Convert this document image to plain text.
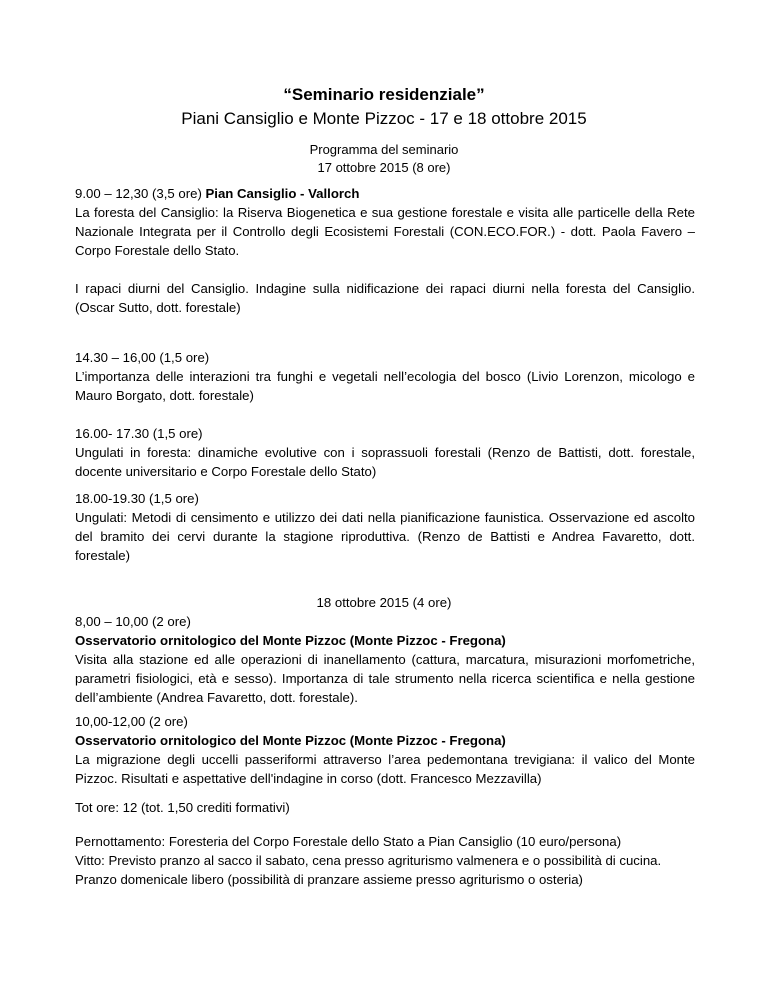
“Seminario residenziale”
Piani Cansiglio e Monte Pizzoc - 17 e 18 ottobre 2015
Programma del seminario
17 ottobre 2015 (8 ore)
9.00 – 12,30 (3,5 ore) Pian Cansiglio - Vallorch
La foresta del Cansiglio: la Riserva Biogenetica e sua gestione forestale e visita alle particelle della Rete Nazionale Integrata per il Controllo degli Ecosistemi Forestali (CON.ECO.FOR.) - dott. Paola Favero – Corpo Forestale dello Stato.
I rapaci diurni del Cansiglio. Indagine sulla nidificazione dei rapaci diurni nella foresta del Cansiglio. (Oscar Sutto, dott. forestale)
14.30 – 16,00 (1,5 ore)
L’importanza delle interazioni tra funghi e vegetali nell’ecologia del bosco (Livio Lorenzon, micologo e Mauro Borgato, dott. forestale)
16.00- 17.30 (1,5 ore)
Ungulati in foresta: dinamiche evolutive con i soprassuoli forestali (Renzo de Battisti, dott. forestale, docente universitario e Corpo Forestale dello Stato)
18.00-19.30 (1,5 ore)
Ungulati: Metodi di censimento e utilizzo dei dati nella pianificazione faunistica. Osservazione ed ascolto del bramito dei cervi durante la stagione riproduttiva. (Renzo de Battisti e Andrea Favaretto, dott. forestale)
18 ottobre 2015 (4 ore)
8,00 – 10,00 (2 ore)
Osservatorio ornitologico del Monte Pizzoc (Monte Pizzoc - Fregona)
Visita alla stazione ed alle operazioni di inanellamento (cattura, marcatura, misurazioni morfometriche, parametri fisiologici, età e sesso). Importanza di tale strumento nella ricerca scientifica e nella gestione dell’ambiente (Andrea Favaretto, dott. forestale).
10,00-12,00 (2 ore)
Osservatorio ornitologico del Monte Pizzoc (Monte Pizzoc - Fregona)
La migrazione degli uccelli passeriformi attraverso l’area pedemontana trevigiana: il valico del Monte Pizzoc. Risultati e aspettative dell'indagine in corso (dott. Francesco Mezzavilla)
Tot ore: 12 (tot. 1,50 crediti formativi)
Pernottamento: Foresteria del Corpo Forestale dello Stato a Pian Cansiglio (10 euro/persona)
Vitto: Previsto pranzo al sacco il sabato, cena presso agriturismo valmenera e o possibilità di cucina.
Pranzo domenicale libero (possibilità di pranzare assieme presso agriturismo o osteria)
